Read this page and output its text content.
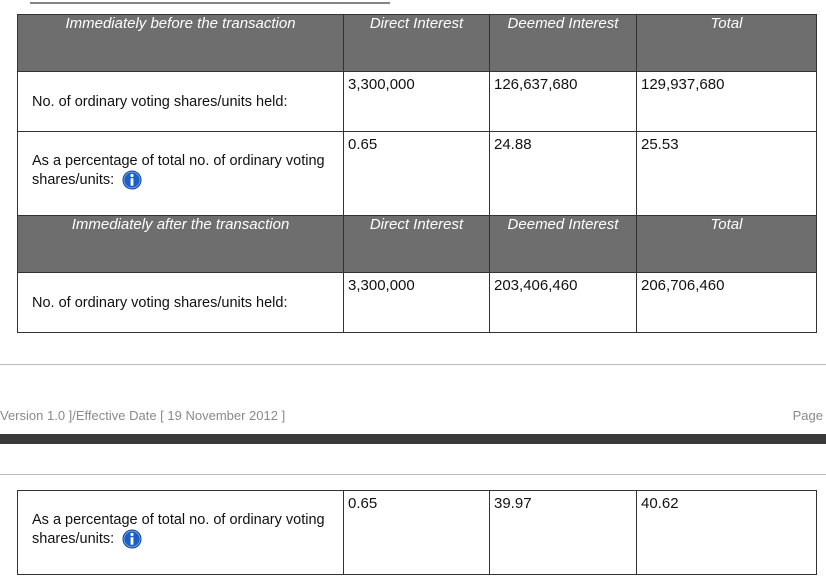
Immediately before the transaction	Direct Interest	Deemed Interest	Total
No. of ordinary voting shares/units held:	3,300,000	126,637,680	129,937,680
As a percentage of total no. of ordinary voting shares/units:	0.65	24.88	25.53
Immediately after the transaction	Direct Interest	Deemed Interest	Total
No. of ordinary voting shares/units held:	3,300,000	203,406,460	206,706,460
Version 1.0 ]/Effective Date [ 19 November 2012 ]	Page
As a percentage of total no. of ordinary voting shares/units:	0.65	39.97	40.62
